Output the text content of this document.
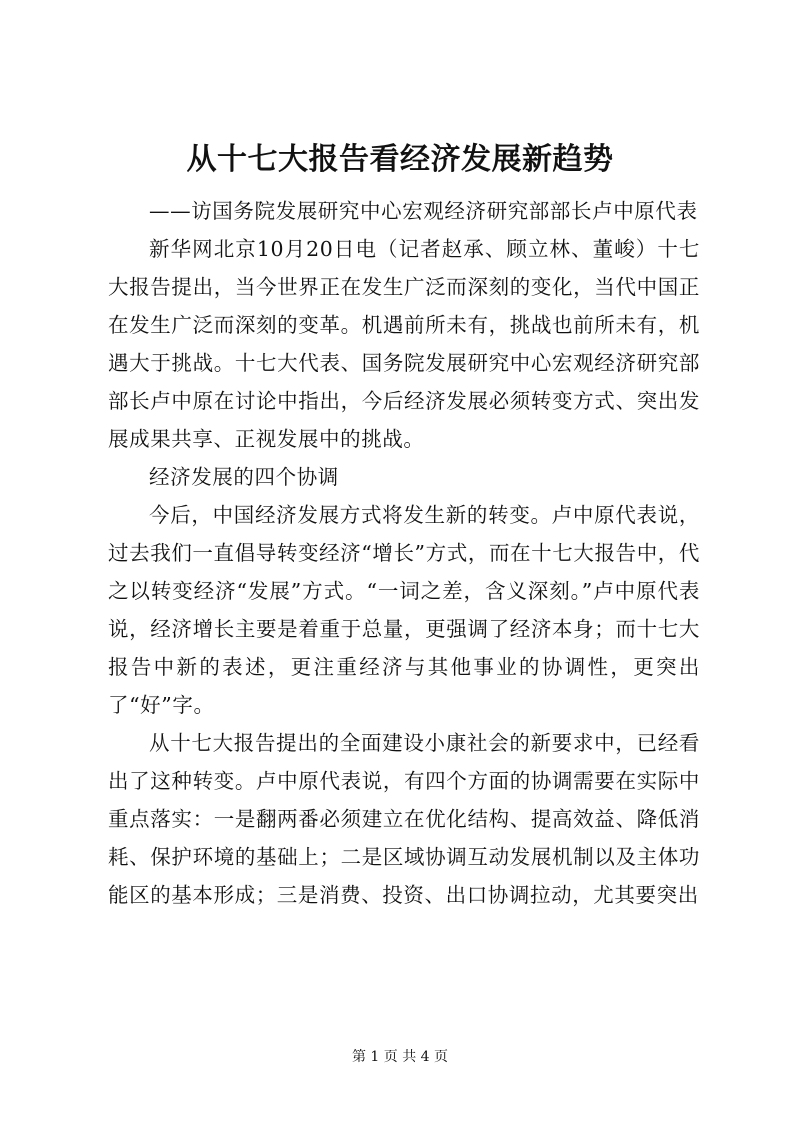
从十七大报告看经济发展新趋势

——访国务院发展研究中心宏观经济研究部部长卢中原代表

新华网北京10月20日电（记者赵承、顾立林、董峻）十七大报告提出，当今世界正在发生广泛而深刻的变化，当代中国正在发生广泛而深刻的变革。机遇前所未有，挑战也前所未有，机遇大于挑战。十七大代表、国务院发展研究中心宏观经济研究部部长卢中原在讨论中指出，今后经济发展必须转变方式、突出发展成果共享、正视发展中的挑战。

经济发展的四个协调

今后，中国经济发展方式将发生新的转变。卢中原代表说，过去我们一直倡导转变经济“增长”方式，而在十七大报告中，代之以转变经济“发展”方式。“一词之差，含义深刻。”卢中原代表说，经济增长主要是着重于总量，更强调了经济本身；而十七大报告中新的表述，更注重经济与其他事业的协调性，更突出了“好”字。

从十七大报告提出的全面建设小康社会的新要求中，已经看出了这种转变。卢中原代表说，有四个方面的协调需要在实际中重点落实：一是翻两番必须建立在优化结构、提高效益、降低消耗、保护环境的基础上；二是区域协调互动发展机制以及主体功能区的基本形成；三是消费、投资、出口协调拉动，尤其要突出

第 1 页 共 4 页
